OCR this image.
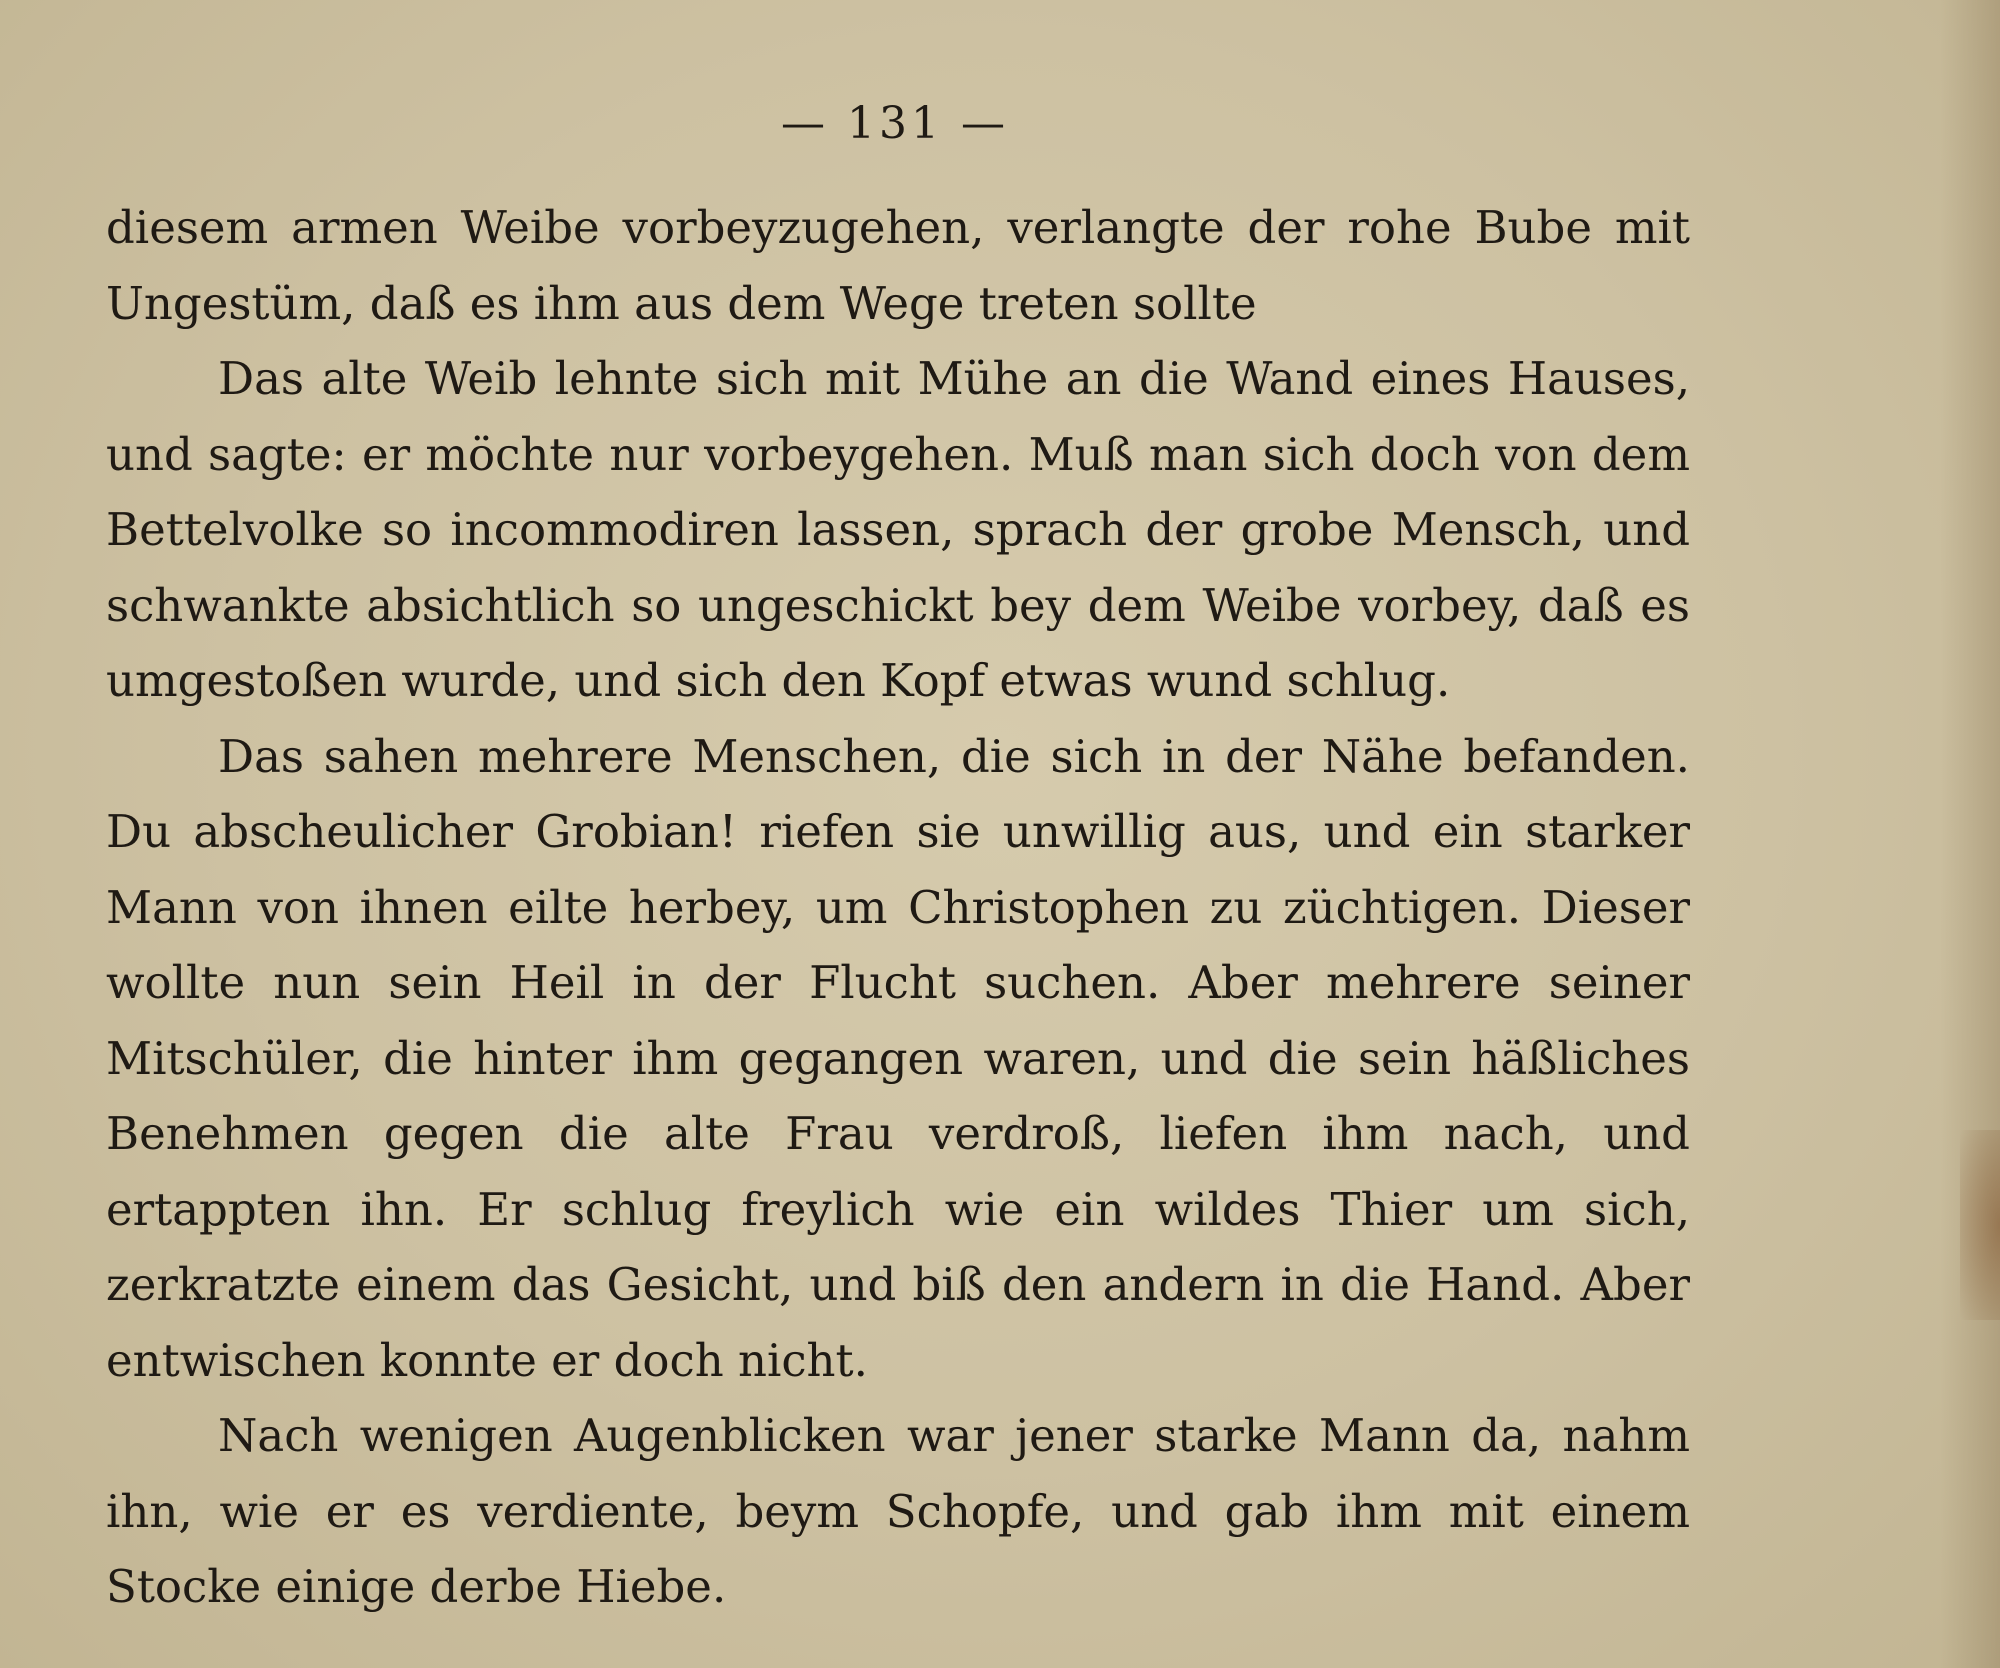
— 131 —

diesem armen Weibe vorbeyzugehen, verlangte der rohe Bube mit Ungestüm, daß es ihm aus dem Wege treten sollte

Das alte Weib lehnte sich mit Mühe an die Wand eines Hauses, und sagte: er möchte nur vorbeygehen. Muß man sich doch von dem Bettelvolke so incommodiren lassen, sprach der grobe Mensch, und schwankte absichtlich so ungeschickt bey dem Weibe vorbey, daß es umgestoßen wurde, und sich den Kopf etwas wund schlug.

Das sahen mehrere Menschen, die sich in der Nähe befanden. Du abscheulicher Grobian! riefen sie unwillig aus, und ein starker Mann von ihnen eilte herbey, um Christophen zu züchtigen. Dieser wollte nun sein Heil in der Flucht suchen. Aber mehrere seiner Mitschüler, die hinter ihm gegangen waren, und die sein häßliches Benehmen gegen die alte Frau verdroß, liefen ihm nach, und ertappten ihn. Er schlug freylich wie ein wildes Thier um sich, zerkratzte einem das Gesicht, und biß den andern in die Hand. Aber entwischen konnte er doch nicht.

Nach wenigen Augenblicken war jener starke Mann da, nahm ihn, wie er es verdiente, beym Schopfe, und gab ihm mit einem Stocke einige derbe Hiebe.
